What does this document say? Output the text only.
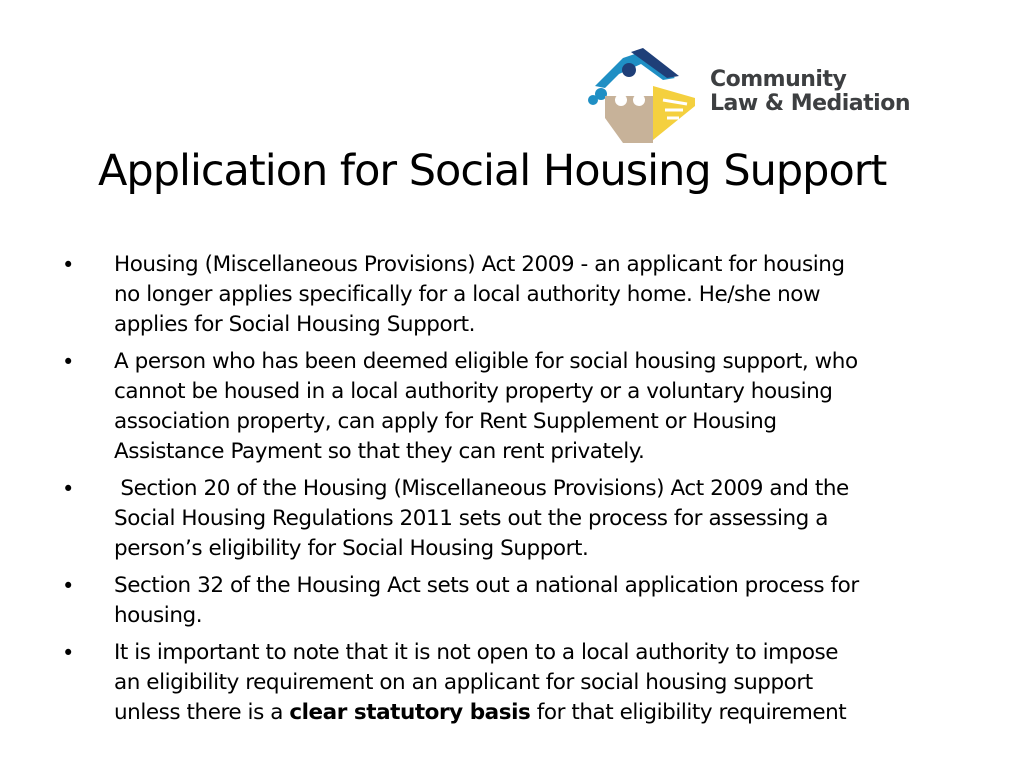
Community
Law & Mediation
Application for Social Housing Support
• Housing (Miscellaneous Provisions) Act 2009 - an applicant for housing
no longer applies specifically for a local authority home. He/she now
applies for Social Housing Support.
• A person who has been deemed eligible for social housing support, who
cannot be housed in a local authority property or a voluntary housing
association property, can apply for Rent Supplement or Housing
Assistance Payment so that they can rent privately.
• Section 20 of the Housing (Miscellaneous Provisions) Act 2009 and the
Social Housing Regulations 2011 sets out the process for assessing a
person’s eligibility for Social Housing Support.
• Section 32 of the Housing Act sets out a national application process for
housing.
• It is important to note that it is not open to a local authority to impose
an eligibility requirement on an applicant for social housing support
unless there is a clear statutory basis for that eligibility requirement
